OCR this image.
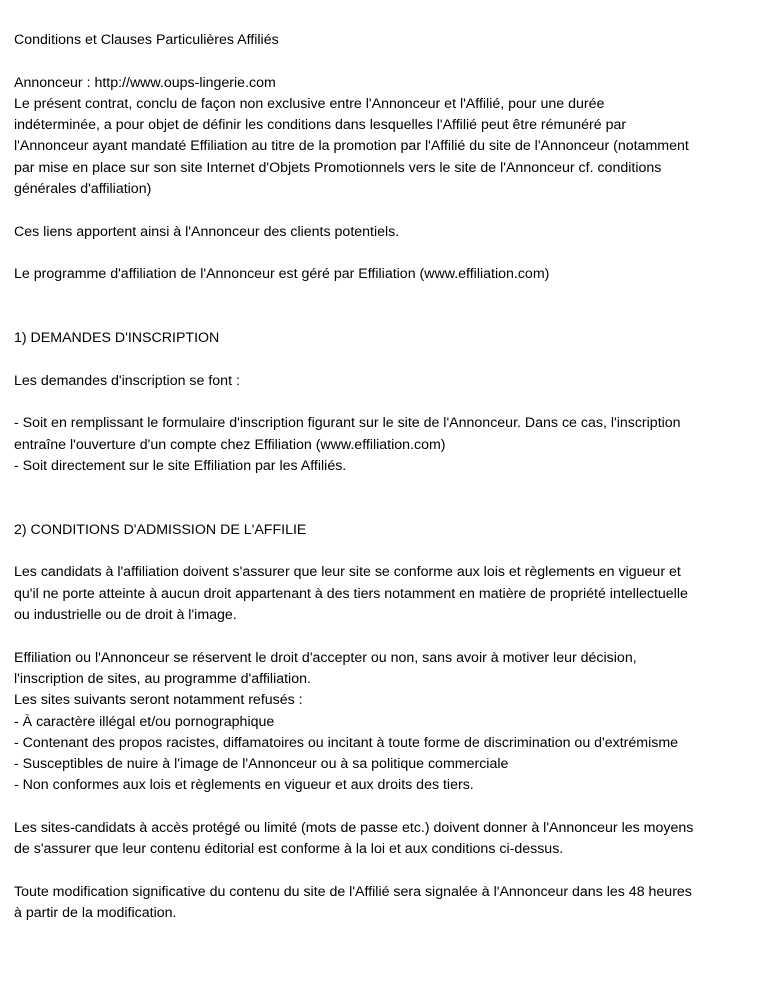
Conditions et Clauses Particulières Affiliés
Annonceur : http://www.oups-lingerie.com
Le présent contrat, conclu de façon non exclusive entre l'Annonceur et l'Affilié, pour une durée
indéterminée, a pour objet de définir les conditions dans lesquelles l'Affilié peut être rémunéré par
l'Annonceur ayant mandaté Effiliation au titre de la promotion par l'Affilié du site de l'Annonceur (notamment
par mise en place sur son site Internet d'Objets Promotionnels vers le site de l'Annonceur cf. conditions
générales d'affiliation)
Ces liens apportent ainsi à l'Annonceur des clients potentiels.
Le programme d'affiliation de l'Annonceur est géré par Effiliation (www.effiliation.com)
1) DEMANDES D'INSCRIPTION
Les demandes d'inscription se font :
- Soit en remplissant le formulaire d'inscription figurant sur le site de l'Annonceur. Dans ce cas, l'inscription
entraîne l'ouverture d'un compte chez Effiliation (www.effiliation.com)
- Soit directement sur le site Effiliation par les Affiliés.
2) CONDITIONS D'ADMISSION DE L'AFFILIE
Les candidats à l'affiliation doivent s'assurer que leur site se conforme aux lois et règlements en vigueur et
qu'il ne porte atteinte à aucun droit appartenant à des tiers notamment en matière de propriété intellectuelle
ou industrielle ou de droit à l'image.
Effiliation ou l'Annonceur se réservent le droit d'accepter ou non, sans avoir à motiver leur décision,
l'inscription de sites, au programme d'affiliation.
Les sites suivants seront notamment refusés :
- À caractère illégal et/ou pornographique
- Contenant des propos racistes, diffamatoires ou incitant à toute forme de discrimination ou d'extrémisme
- Susceptibles de nuire à l'image de l'Annonceur ou à sa politique commerciale
- Non conformes aux lois et règlements en vigueur et aux droits des tiers.
Les sites-candidats à accès protégé ou limité (mots de passe etc.) doivent donner à l'Annonceur les moyens
de s'assurer que leur contenu éditorial est conforme à la loi et aux conditions ci-dessus.
Toute modification significative du contenu du site de l'Affilié sera signalée à l'Annonceur dans les 48 heures
à partir de la modification.
